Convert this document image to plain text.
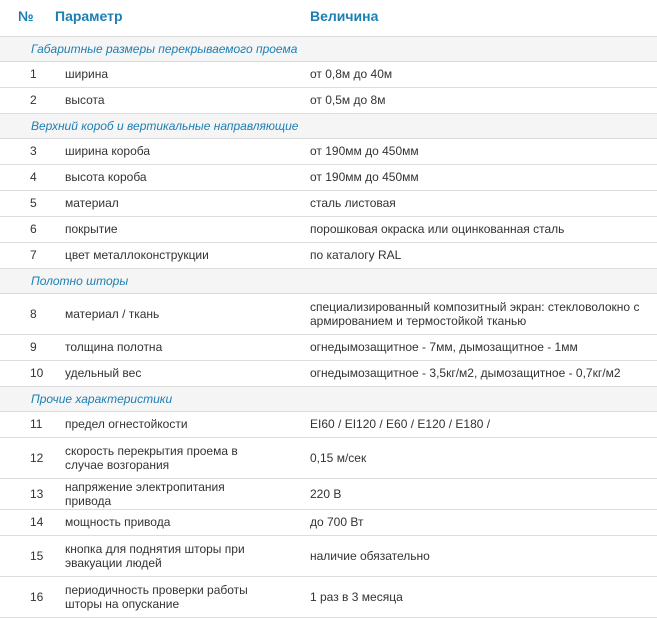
№	Параметр	Величина
Габаритные размеры перекрываемого проема		
1	ширина	от 0,8м до 40м
2	высота	от 0,5м до 8м
Верхний короб и вертикальные направляющие		
3	ширина короба	от 190мм до 450мм
4	высота короба	от 190мм до 450мм
5	материал	сталь листовая
6	покрытие	порошковая окраска или оцинкованная сталь
7	цвет металлоконструкции	по каталогу RAL
Полотно шторы		
8	материал / ткань	специализированный композитный экран: стекловолокно с армированием и термостойкой тканью
9	толщина полотна	огнедымозащитное - 7мм, дымозащитное - 1мм
10	удельный вес	огнедымозащитное - 3,5кг/м2, дымозащитное - 0,7кг/м2
Прочие характеристики		
11	предел огнестойкости	EI60 / EI120 / E60 / E120 / E180 /
12	скорость перекрытия проема в случае возгорания	0,15 м/сек
13	напряжение электропитания привода	220 В
14	мощность привода	до 700 Вт
15	кнопка для поднятия шторы при эвакуации людей	наличие обязательно
16	периодичность проверки работы шторы на опускание	1 раз в 3 месяца
